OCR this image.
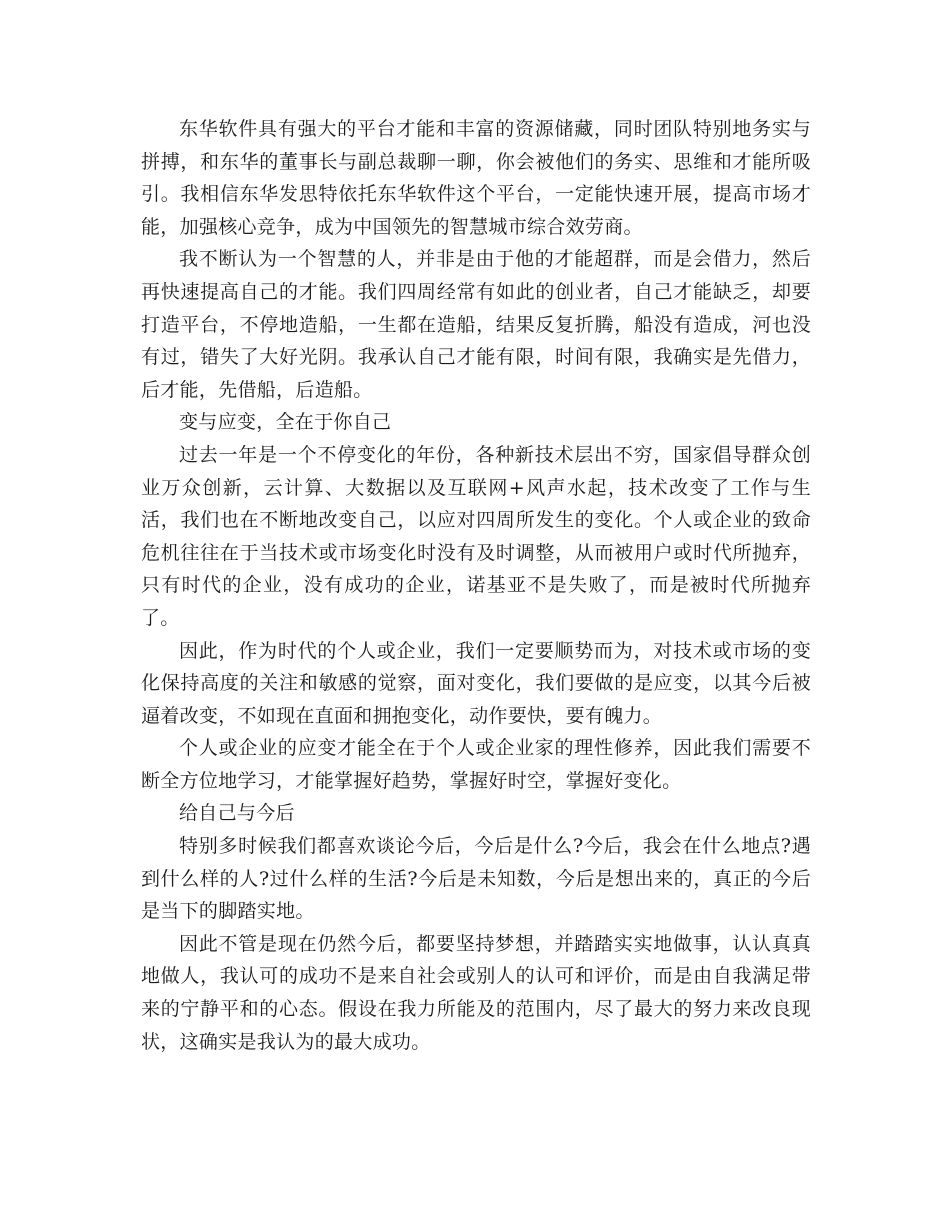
东华软件具有强大的平台才能和丰富的资源储藏，同时团队特别地务实与拼搏，和东华的董事长与副总裁聊一聊，你会被他们的务实、思维和才能所吸引。我相信东华发思特依托东华软件这个平台，一定能快速开展，提高市场才能，加强核心竞争，成为中国领先的智慧城市综合效劳商。

我不断认为一个智慧的人，并非是由于他的才能超群，而是会借力，然后再快速提高自己的才能。我们四周经常有如此的创业者，自己才能缺乏，却要打造平台，不停地造船，一生都在造船，结果反复折腾，船没有造成，河也没有过，错失了大好光阴。我承认自己才能有限，时间有限，我确实是先借力，后才能，先借船，后造船。

变与应变，全在于你自己

过去一年是一个不停变化的年份，各种新技术层出不穷，国家倡导群众创业万众创新，云计算、大数据以及互联网+风声水起，技术改变了工作与生活，我们也在不断地改变自己，以应对四周所发生的变化。个人或企业的致命危机往往在于当技术或市场变化时没有及时调整，从而被用户或时代所抛弃，只有时代的企业，没有成功的企业，诺基亚不是失败了，而是被时代所抛弃了。

因此，作为时代的个人或企业，我们一定要顺势而为，对技术或市场的变化保持高度的关注和敏感的觉察，面对变化，我们要做的是应变，以其今后被逼着改变，不如现在直面和拥抱变化，动作要快，要有魄力。

个人或企业的应变才能全在于个人或企业家的理性修养，因此我们需要不断全方位地学习，才能掌握好趋势，掌握好时空，掌握好变化。

给自己与今后

特别多时候我们都喜欢谈论今后，今后是什么?今后，我会在什么地点?遇到什么样的人?过什么样的生活?今后是未知数，今后是想出来的，真正的今后是当下的脚踏实地。

因此不管是现在仍然今后，都要坚持梦想，并踏踏实实地做事，认认真真地做人，我认可的成功不是来自社会或别人的认可和评价，而是由自我满足带来的宁静平和的心态。假设在我力所能及的范围内，尽了最大的努力来改良现状，这确实是我认为的最大成功。
